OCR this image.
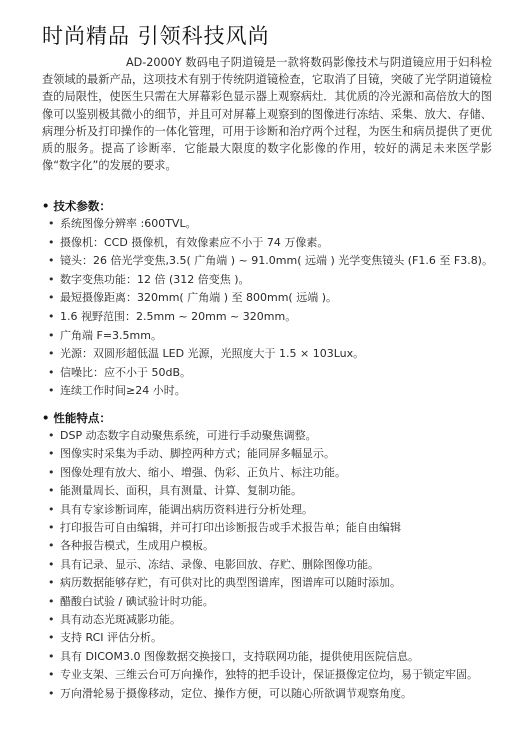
时尚精品 引领科技风尚
AD-2000Y 数码电子阴道镜是一款将数码影像技术与阴道镜应用于妇科检查领域的最新产品，这项技术有别于传统阴道镜检查，它取消了目镜，突破了光学阴道镜检查的局限性，使医生只需在大屏幕彩色显示器上观察病灶．其优质的冷光源和高倍放大的图像可以鉴别极其微小的细节，并且可对屏幕上观察到的图像进行冻结、采集、放大、存储、病理分析及打印操作的一体化管理，可用于诊断和治疗两个过程，为医生和病员提供了更优质的服务。提高了诊断率．它能最大限度的数字化影像的作用，较好的满足未来医学影像“数字化”的发展的要求。
• 技术参数：
• 系统图像分辨率 :600TVL。
• 摄像机：CCD 摄像机，有效像素应不小于 74 万像素。
• 镜头：26 倍光学变焦,3.5( 广角端 ) ~ 91.0mm( 远端 ) 光学变焦镜头 (F1.6 至 F3.8)。
• 数字变焦功能：12 倍 (312 倍变焦 )。
• 最短摄像距离：320mm( 广角端 ) 至 800mm( 远端 )。
• 1.6 视野范围：2.5mm ~ 20mm ~ 320mm。
• 广角端 F=3.5mm。
• 光源：双圆形超低温 LED 光源，光照度大于 1.5 × 103Lux。
• 信噪比：应不小于 50dB。
• 连续工作时间≥24 小时。
• 性能特点：
• DSP 动态数字自动聚焦系统，可进行手动聚焦调整。
• 图像实时采集为手动、脚控两种方式；能同屏多幅显示。
• 图像处理有放大、缩小、增强、伪彩、正负片、标注功能。
• 能测量周长、面积，具有测量、计算、复制功能。
• 具有专家诊断词库，能调出病历资料进行分析处理。
• 打印报告可自由编辑，并可打印出诊断报告或手术报告单；能自由编辑
• 各种报告模式，生成用户模板。
• 具有记录、显示、冻结、录像、电影回放、存贮、删除图像功能。
• 病历数据能够存贮，有可供对比的典型图谱库，图谱库可以随时添加。
• 醋酸白试验 / 碘试验计时功能。
• 具有动态光斑减影功能。
• 支持 RCI 评估分析。
• 具有 DICOM3.0 图像数据交换接口，支持联网功能，提供使用医院信息。
• 专业支架、三维云台可万向操作，独特的把手设计，保证摄像定位均，易于锁定牢固。
• 万向滑轮易于摄像移动，定位、操作方便，可以随心所欲调节观察角度。
